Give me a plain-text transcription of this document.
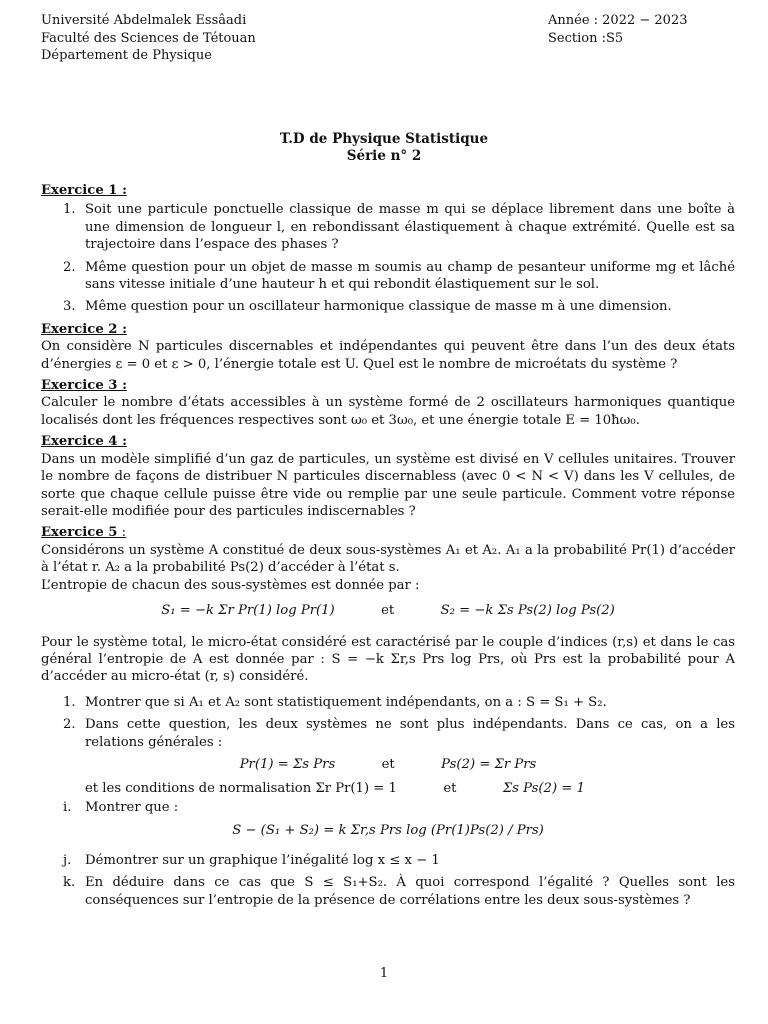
Université Abdelmalek Essâadi
Faculté des Sciences de Tétouan
Département de Physique
Année : 2022 − 2023
Section :S5
T.D de Physique Statistique
Série n° 2
Exercice 1 :
1. Soit une particule ponctuelle classique de masse m qui se déplace librement dans une boîte à une dimension de longueur l, en rebondissant élastiquement à chaque extrémité. Quelle est sa trajectoire dans l’espace des phases ?
2. Même question pour un objet de masse m soumis au champ de pesanteur uniforme mg et lâché sans vitesse initiale d’une hauteur h et qui rebondit élastiquement sur le sol.
3. Même question pour un oscillateur harmonique classique de masse m à une dimension.
Exercice 2 :

On considère N particules discernables et indépendantes qui peuvent être dans l’un des deux états d’énergies ε = 0 et ε > 0, l’énergie totale est U. Quel est le nombre de microétats du système ?

Exercice 3 :

Calculer le nombre d’états accessibles à un système formé de 2 oscillateurs harmoniques quantique localisés dont les fréquences respectives sont ω₀ et 3ω₀, et une énergie totale E = 10ħω₀.

Exercice 4 :

Dans un modèle simplifié d’un gaz de particules, un système est divisé en V cellules unitaires. Trouver le nombre de façons de distribuer N particules discernabless (avec 0 < N < V) dans les V cellules, de sorte que chaque cellule puisse être vide ou remplie par une seule particule. Comment votre réponse serait-elle modifiée pour des particules indiscernables ?

Exercice 5 :

Considérons un système A constitué de deux sous-systèmes A₁ et A₂. A₁ a la probabilité Pr(1) d’accéder à l’état r. A₂ a la probabilité Ps(2) d’accéder à l’état s.

L’entropie de chacun des sous-systèmes est donnée par :

S₁ = −k Σr Pr(1) log Pr(1)	et	S₂ = −k Σs Ps(2) log Ps(2)

Pour le système total, le micro-état considéré est caractérisé par le couple d’indices (r,s) et dans le cas général l’entropie de A est donnée par : S = −k Σr,s Prs log Prs, où Prs est la probabilité pour A d’accéder au micro-état (r, s) considéré.

1. Montrer que si A₁ et A₂ sont statistiquement indépendants, on a : S = S₁ + S₂.
2. Dans cette question, les deux systèmes ne sont plus indépendants. Dans ce cas, on a les relations générales :
Pr(1) = Σs Prs	et	Ps(2) = Σr Prs
et les conditions de normalisation Σr Pr(1) = 1	et	Σs Ps(2) = 1
i. Montrer que :
S − (S₁ + S₂) = k Σr,s Prs log (Pr(1)Ps(2) / Prs)
j. Démontrer sur un graphique l’inégalité log x ≤ x − 1
k. En déduire dans ce cas que S ≤ S₁+S₂. À quoi correspond l’égalité ? Quelles sont les conséquences sur l’entropie de la présence de corrélations entre les deux sous-systèmes ?
1
